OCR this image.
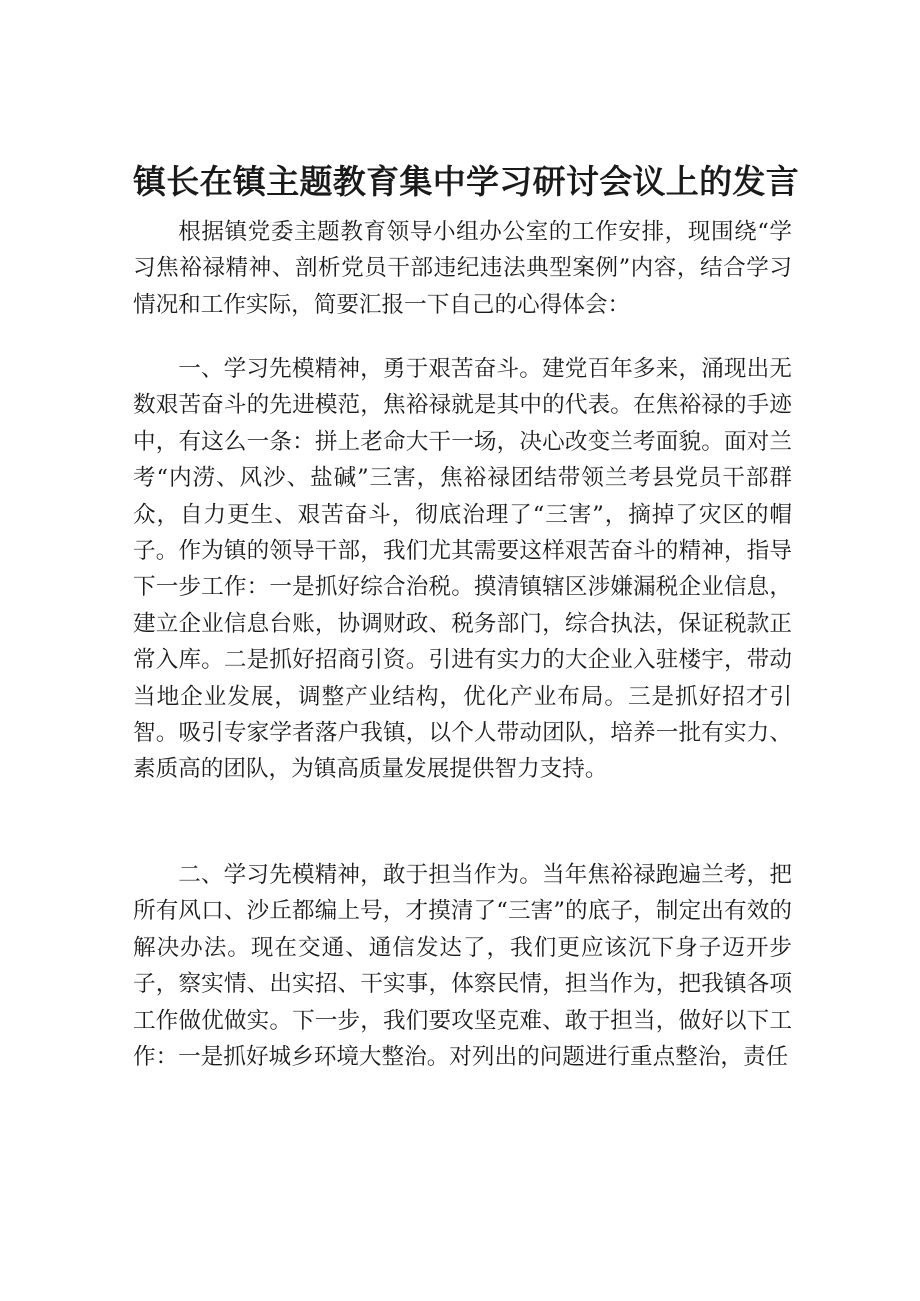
镇长在镇主题教育集中学习研讨会议上的发言

根据镇党委主题教育领导小组办公室的工作安排，现围绕“学习焦裕禄精神、剖析党员干部违纪违法典型案例”内容，结合学习情况和工作实际，简要汇报一下自己的心得体会：

一、学习先模精神，勇于艰苦奋斗。建党百年多来，涌现出无数艰苦奋斗的先进模范，焦裕禄就是其中的代表。在焦裕禄的手迹中，有这么一条：拼上老命大干一场，决心改变兰考面貌。面对兰考“内涝、风沙、盐碱”三害，焦裕禄团结带领兰考县党员干部群众，自力更生、艰苦奋斗，彻底治理了“三害”，摘掉了灾区的帽子。作为镇的领导干部，我们尤其需要这样艰苦奋斗的精神，指导下一步工作：一是抓好综合治税。摸清镇辖区涉嫌漏税企业信息，建立企业信息台账，协调财政、税务部门，综合执法，保证税款正常入库。二是抓好招商引资。引进有实力的大企业入驻楼宇，带动当地企业发展，调整产业结构，优化产业布局。三是抓好招才引智。吸引专家学者落户我镇，以个人带动团队，培养一批有实力、素质高的团队，为镇高质量发展提供智力支持。

二、学习先模精神，敢于担当作为。当年焦裕禄跑遍兰考，把所有风口、沙丘都编上号，才摸清了“三害”的底子，制定出有效的解决办法。现在交通、通信发达了，我们更应该沉下身子迈开步子，察实情、出实招、干实事，体察民情，担当作为，把我镇各项工作做优做实。下一步，我们要攻坚克难、敢于担当，做好以下工作：一是抓好城乡环境大整治。对列出的问题进行重点整治，责任
